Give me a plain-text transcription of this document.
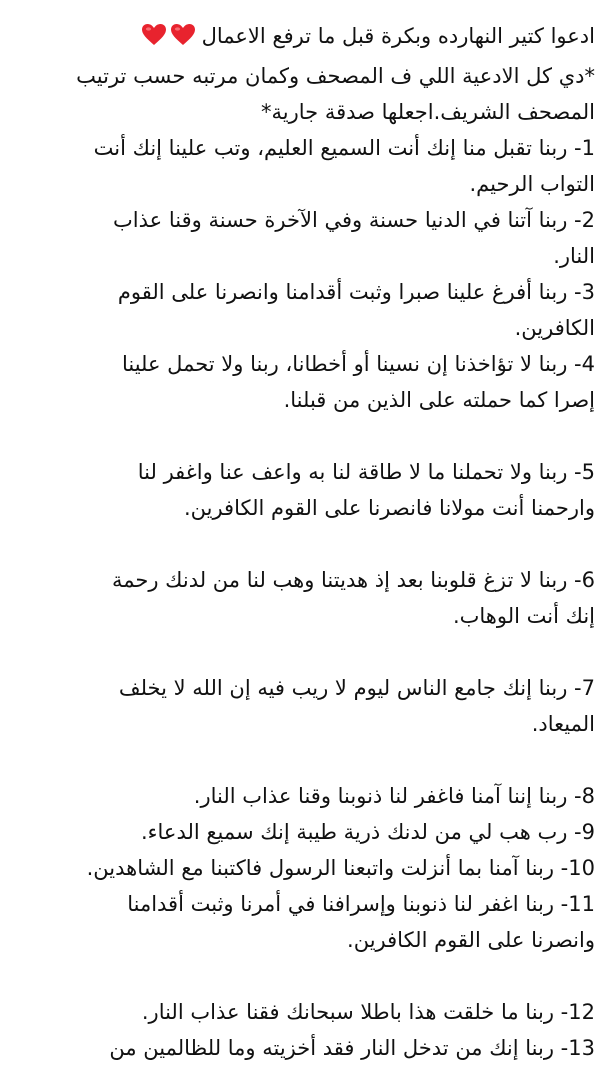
ادعوا كتير النهارده وبكرة قبل ما ترفع الاعمال
*دي كل الادعية اللي ف المصحف وكمان مرتبه حسب ترتيب
المصحف الشريف.اجعلها صدقة جارية*
1- ربنا تقبل منا إنك أنت السميع العليم، وتب علينا إنك أنت
التواب الرحيم.
2- ربنا آتنا في الدنيا حسنة وفي الآخرة حسنة وقنا عذاب
النار.
3- ربنا أفرغ علينا صبرا وثبت أقدامنا وانصرنا على القوم
الكافرين.
4- ربنا لا تؤاخذنا إن نسينا أو أخطانا، ربنا ولا تحمل علينا
إصرا كما حملته على الذين من قبلنا.
5- ربنا ولا تحملنا ما لا طاقة لنا به واعف عنا واغفر لنا
وارحمنا أنت مولانا فانصرنا على القوم الكافرين.
6- ربنا لا تزغ قلوبنا بعد إذ هديتنا وهب لنا من لدنك رحمة
إنك أنت الوهاب.
7- ربنا إنك جامع الناس ليوم لا ريب فيه إن الله لا يخلف
الميعاد.
8- ربنا إننا آمنا فاغفر لنا ذنوبنا وقنا عذاب النار.
9- رب هب لي من لدنك ذرية طيبة إنك سميع الدعاء.
10- ربنا آمنا بما أنزلت واتبعنا الرسول فاكتبنا مع الشاهدين.
11- ربنا اغفر لنا ذنوبنا وإسرافنا في أمرنا وثبت أقدامنا
وانصرنا على القوم الكافرين.
12- ربنا ما خلقت هذا باطلا سبحانك فقنا عذاب النار.
13- ربنا إنك من تدخل النار فقد أخزيته وما للظالمين من
